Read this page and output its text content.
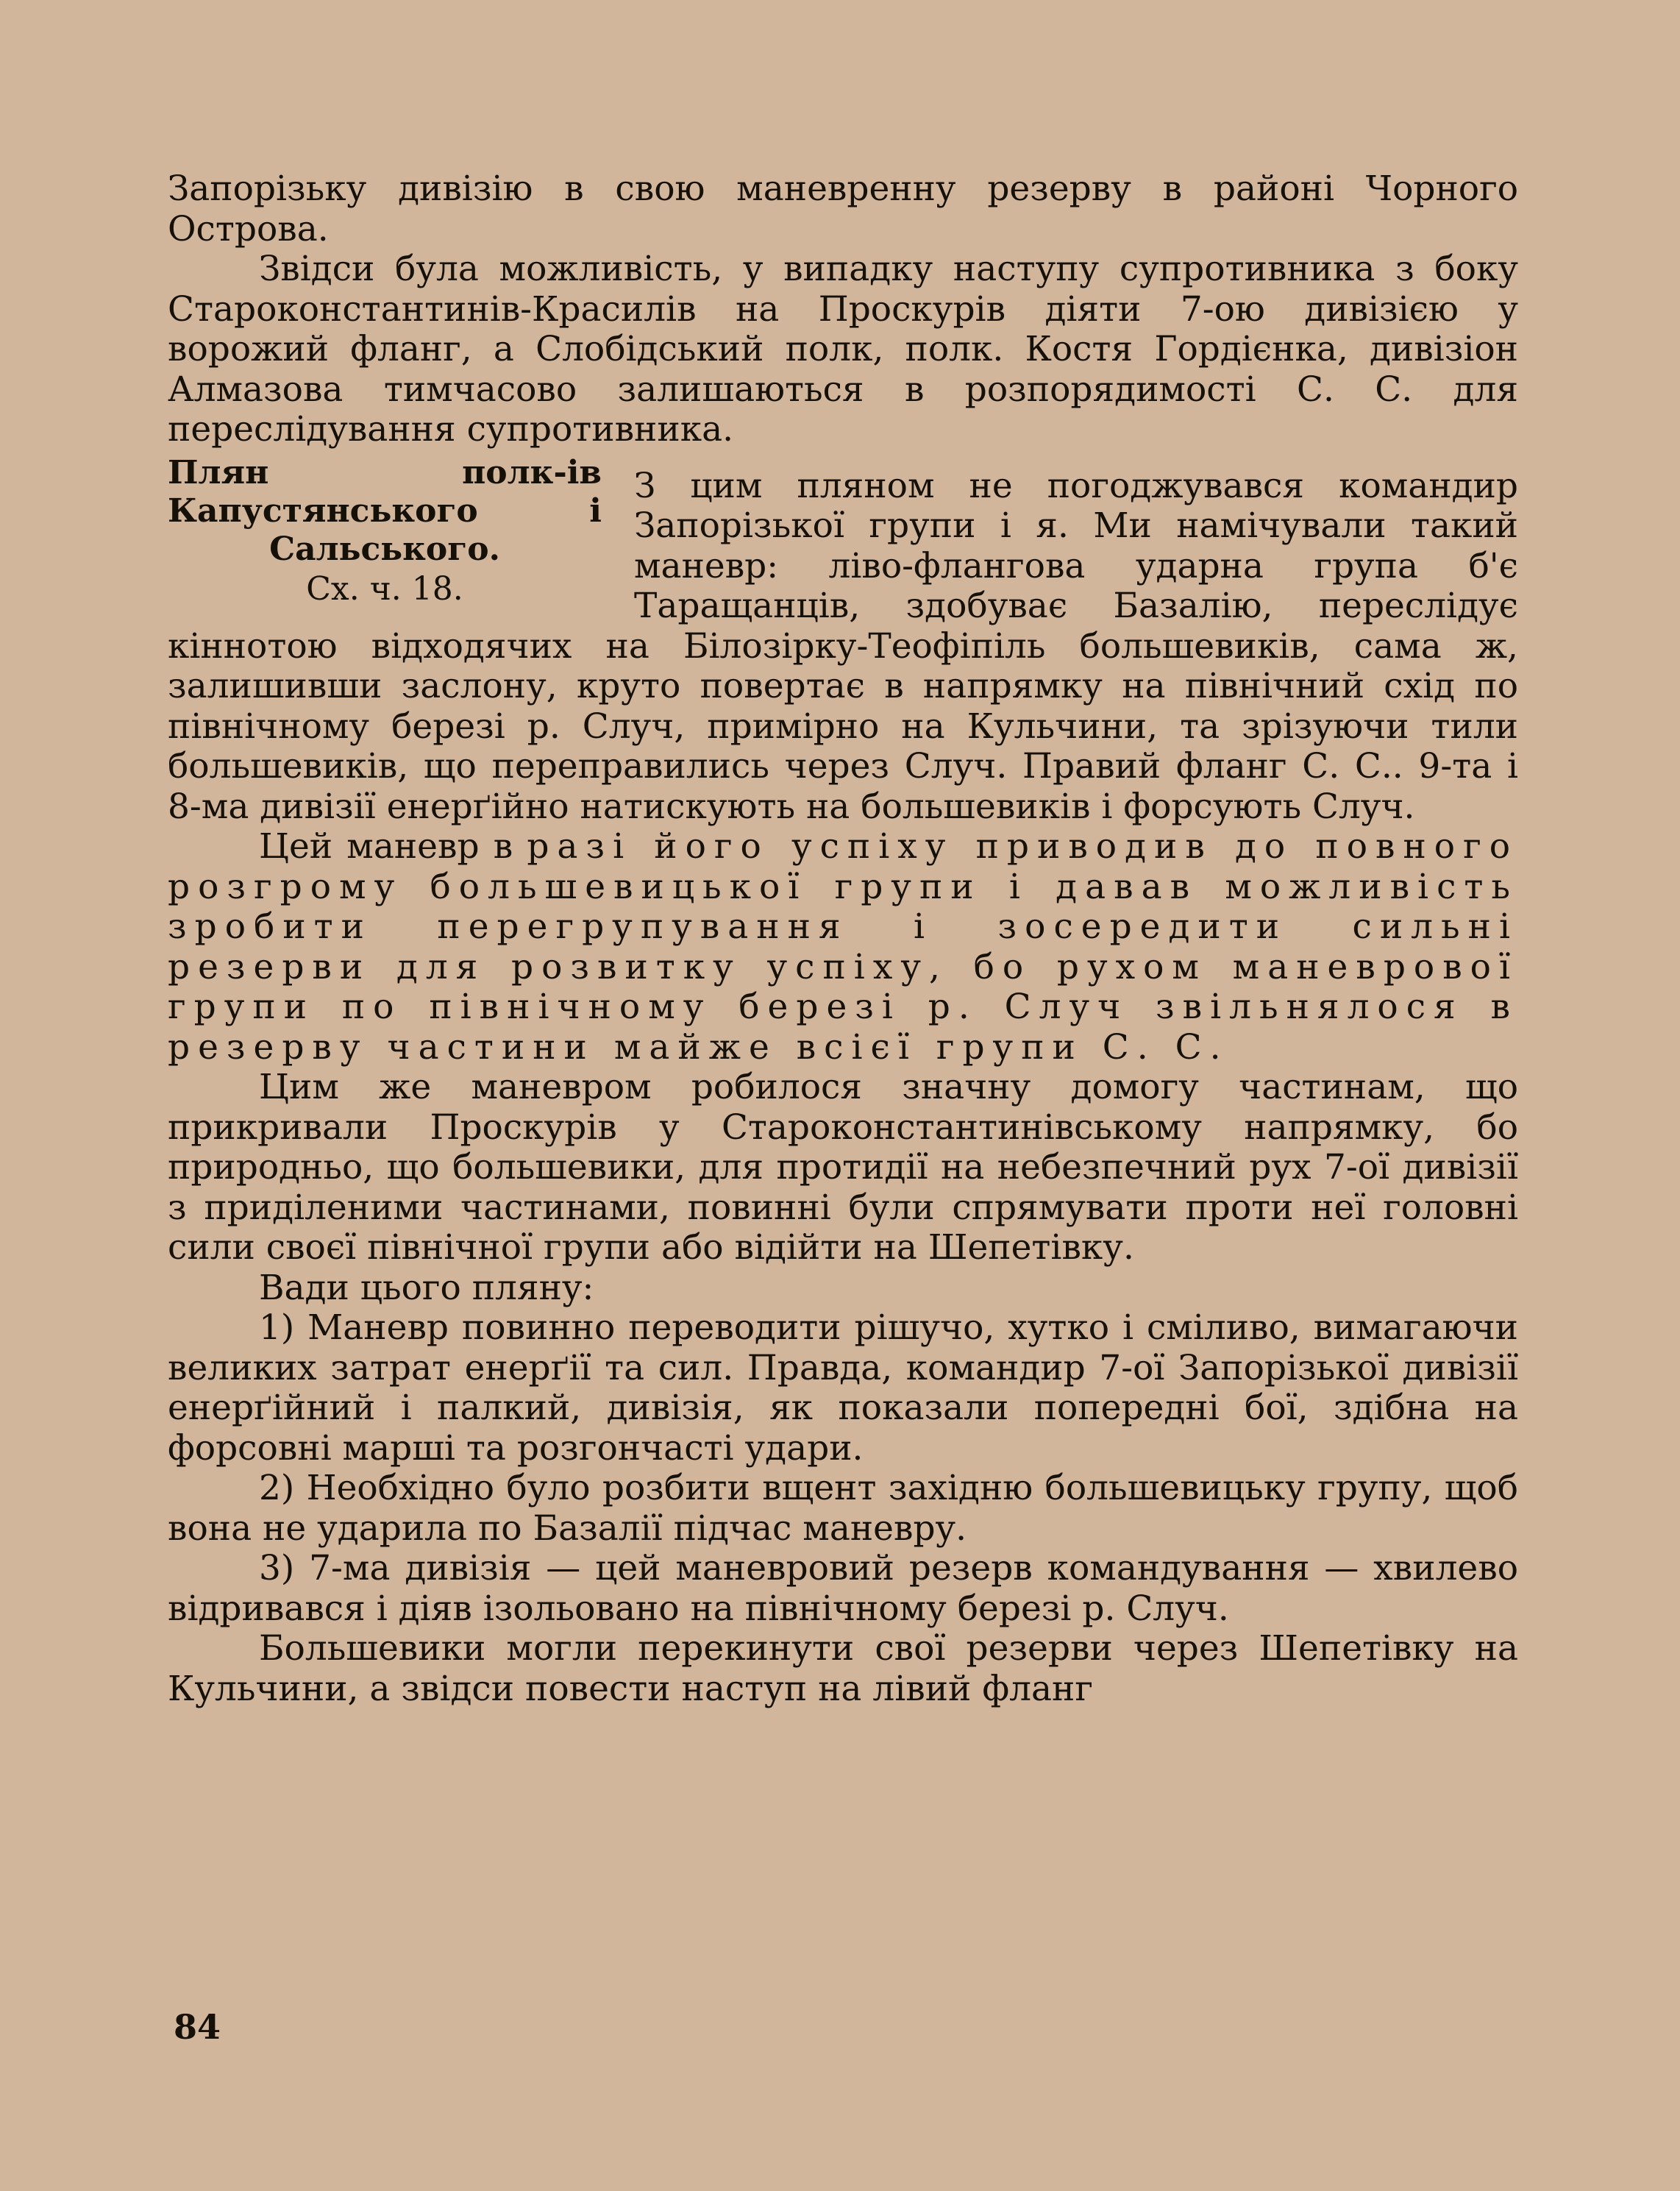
Запорізьку дивізію в свою маневренну резерву в районі Чорного Острова.

Звідси була можливість, у випадку наступу супротивника з боку Староконстантинів-Красилів на Проскурів діяти 7-ою дивізією у ворожий фланг, а Слобідський полк, полк. Костя Гордієнка, дивізіон Алмазова тимчасово залишаються в розпорядимості С. С. для переслідування супротивника.

Плян полк-ів Капустянського і Сальського.
Сх. ч. 18.

З цим пляном не погоджувався командир Запорізької групи і я. Ми намічували такий маневр: ліво-флангова ударна група б'є Таращанців, здобуває Базалію, переслідує кіннотою відходячих на Білозірку-Теофіпіль большевиків, сама ж, залишивши заслону, круто повертає в напрямку на північний схід по північному березі р. Случ, примірно на Кульчини, та зрізуючи тили большевиків, що переправились через Случ. Правий фланг С. С.. 9-та і 8-ма дивізії енерґійно натискують на большевиків і форсують Случ.

Цей маневр в разі його успіху приводив до повного розгрому большевицької групи і давав можливість зробити перегрупування і зосередити сильні резерви для розвитку успіху, бо рухом маневрової групи по північному березі р. Случ звільнялося в резерву частини майже всієї групи С. С.

Цим же маневром робилося значну домогу частинам, що прикривали Проскурів у Староконстантинівському напрямку, бо природньо, що большевики, для протидії на небезпечний рух 7-ої дивізії з приділеними частинами, повинні були спрямувати проти неї головні сили своєї північної групи або відійти на Шепетівку.

Вади цього пляну:

1) Маневр повинно переводити рішучо, хутко і сміливо, вимагаючи великих затрат енерґії та сил. Правда, командир 7-ої Запорізької дивізії енерґійний і палкий, дивізія, як показали попередні бої, здібна на форсовні марші та розгончасті удари.

2) Необхідно було розбити вщент західню большевицьку групу, щоб вона не ударила по Базалії підчас маневру.

3) 7-ма дивізія — цей маневровий резерв командування — хвилево відривався і діяв ізольовано на північному березі р. Случ.

Большевики могли перекинути свої резерви через Шепетівку на Кульчини, а звідси повести наступ на лівий фланг

84
